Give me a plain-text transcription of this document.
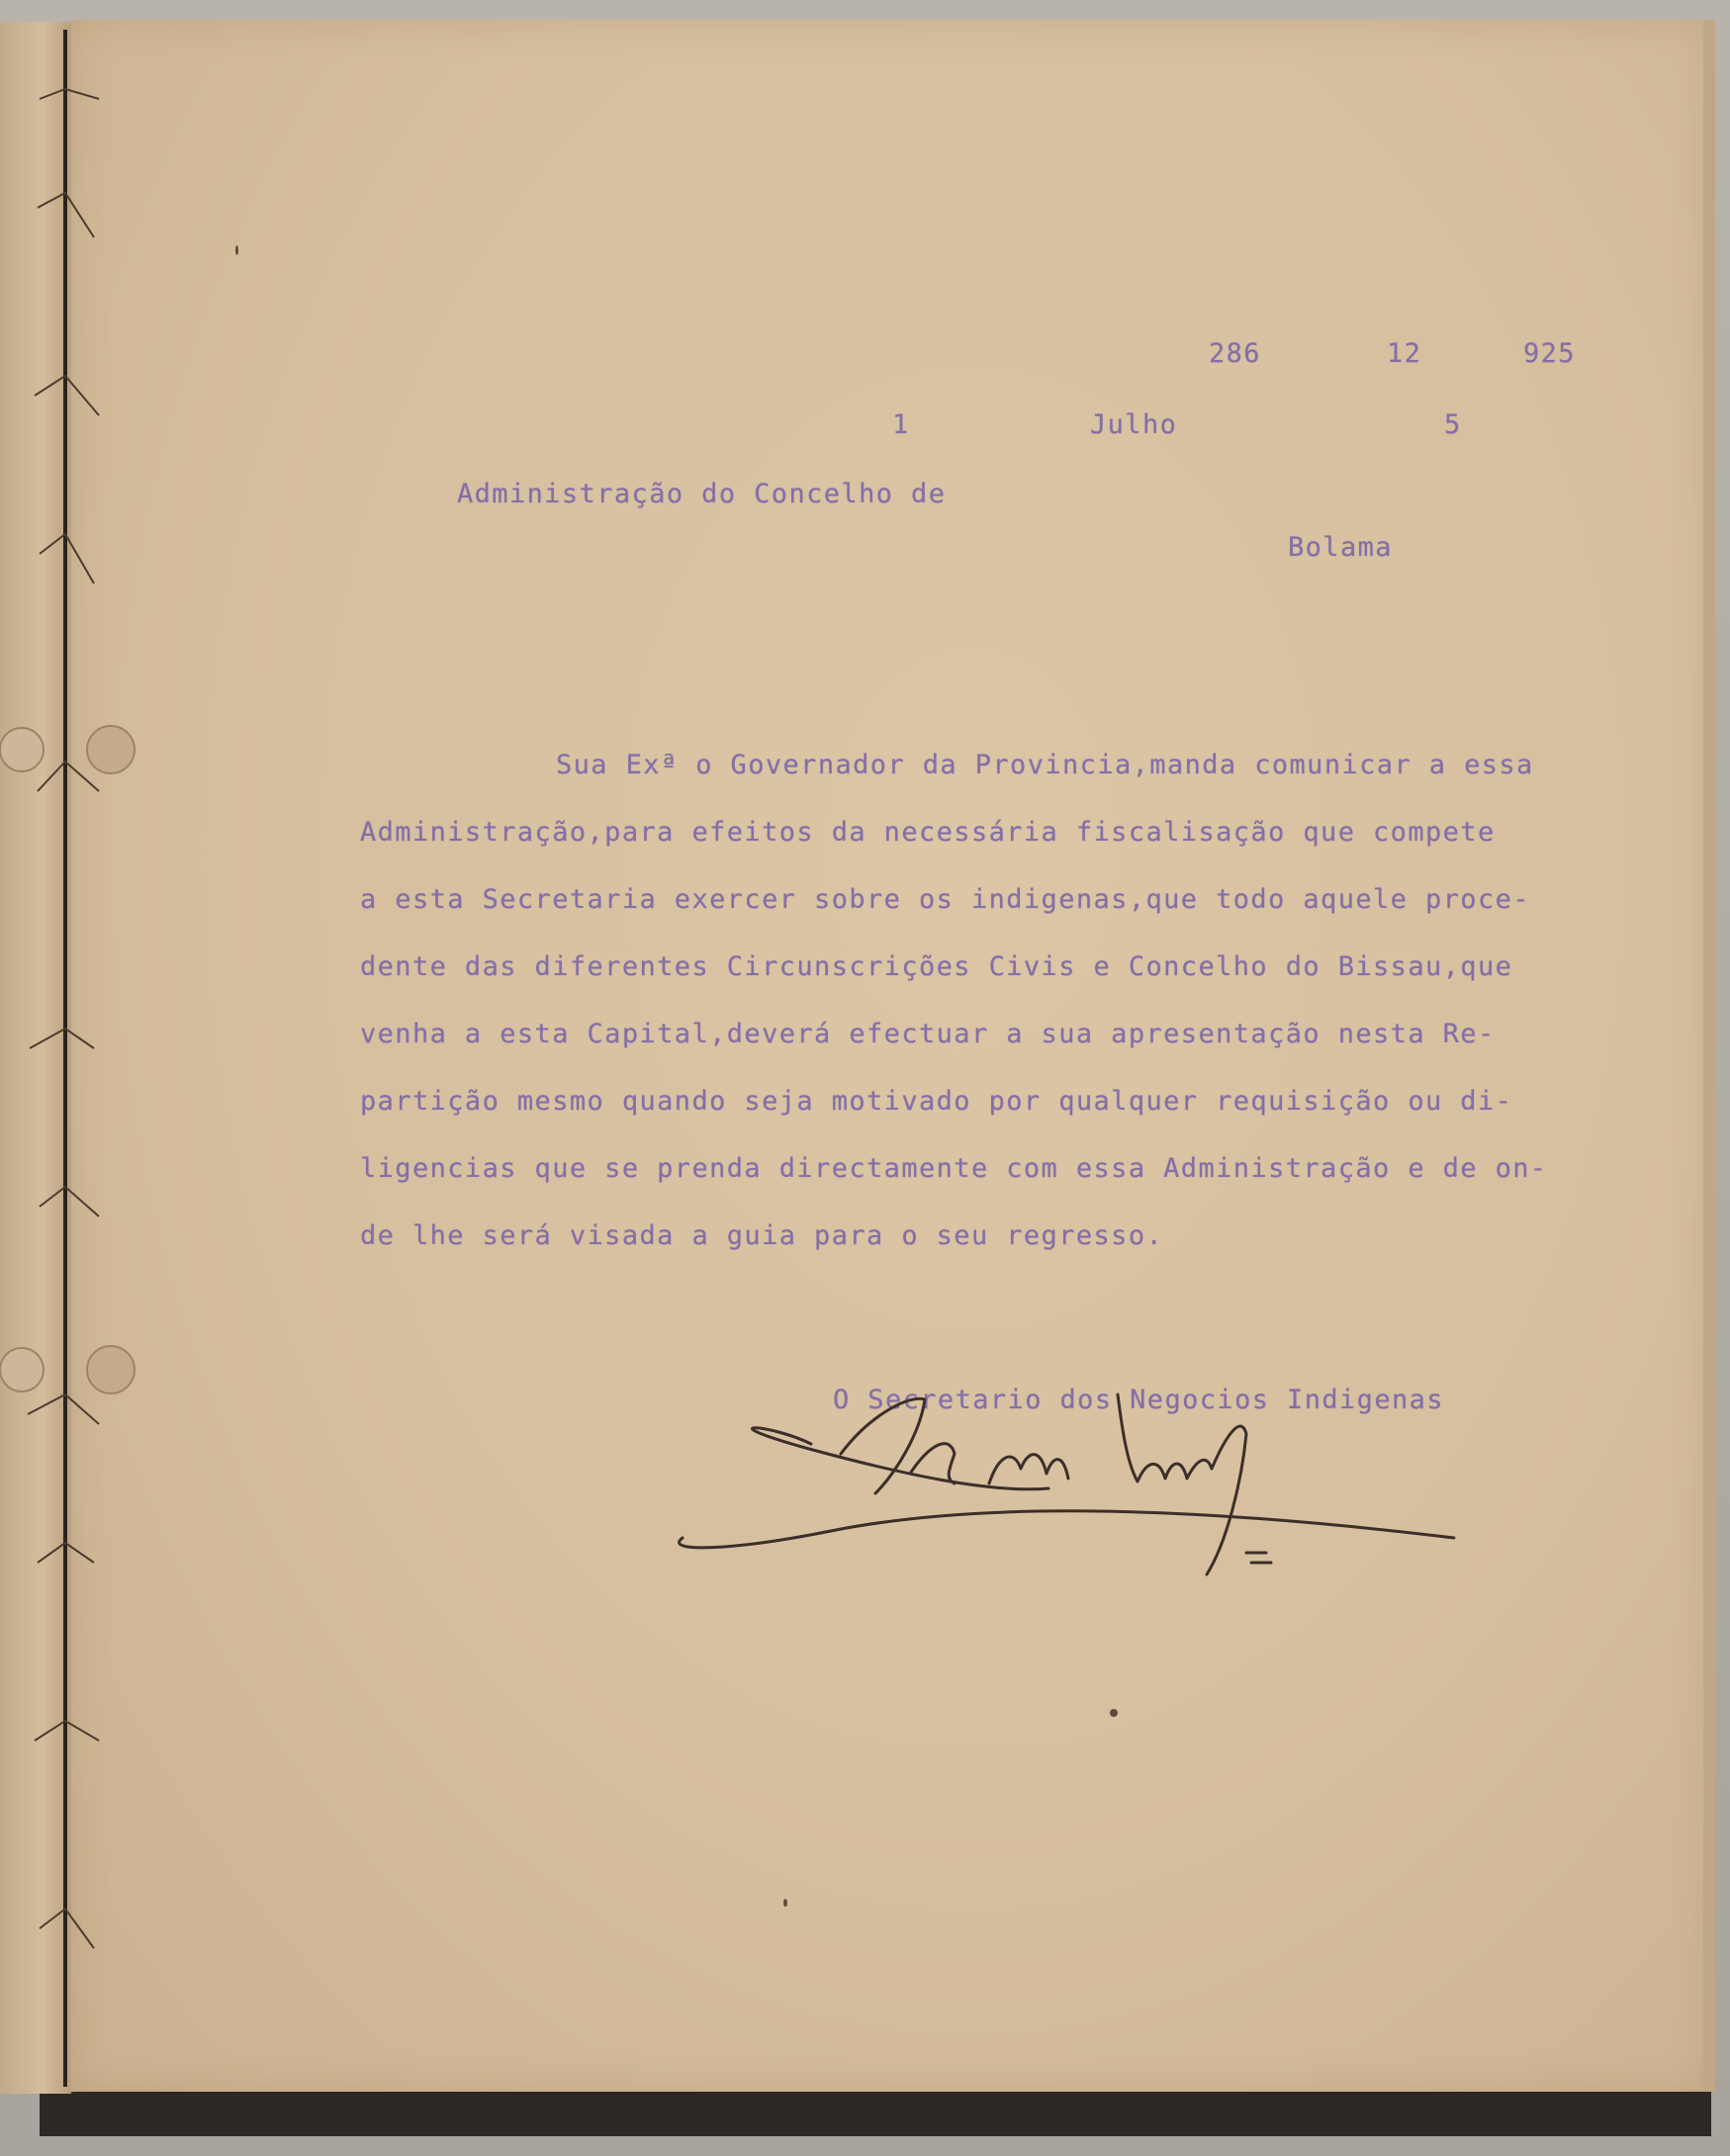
286	12	925
1	Julho	5
Administração do Concelho de
Bolama
Sua Exª o Governador da Provincia,manda comunicar a essa
Administração,para efeitos da necessária fiscalisação que compete
a esta Secretaria exercer sobre os indigenas,que todo aquele proce-
dente das diferentes Circunscrições Civis e Concelho do Bissau,que
venha a esta Capital,deverá efectuar a sua apresentação nesta Re-
partição mesmo quando seja motivado por qualquer requisição ou di-
ligencias que se prenda directamente com essa Administração e de on-
de lhe será visada a guia para o seu regresso.
O Secretario dos Negocios Indigenas
